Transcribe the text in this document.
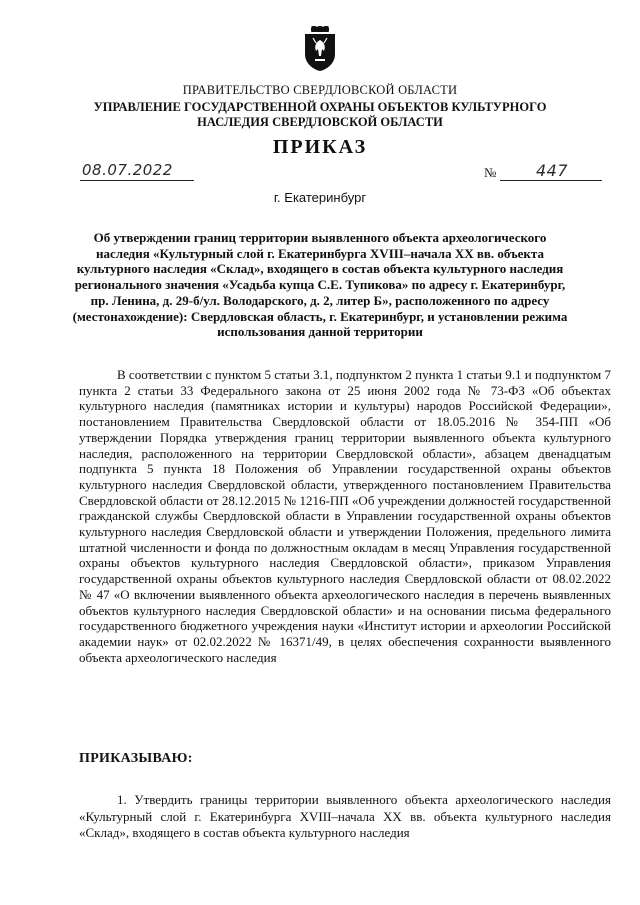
ПРАВИТЕЛЬСТВО СВЕРДЛОВСКОЙ ОБЛАСТИ
УПРАВЛЕНИЕ ГОСУДАРСТВЕННОЙ ОХРАНЫ ОБЪЕКТОВ КУЛЬТУРНОГО НАСЛЕДИЯ СВЕРДЛОВСКОЙ ОБЛАСТИ
ПРИКАЗ
08.07.2022	№ 447
г. Екатеринбург
Об утверждении границ территории выявленного объекта археологического наследия «Культурный слой г. Екатеринбурга XVIII–начала XX вв. объекта культурного наследия «Склад», входящего в состав объекта культурного наследия регионального значения «Усадьба купца С.Е. Тупикова» по адресу г. Екатеринбург, пр. Ленина, д. 29-б/ул. Володарского, д. 2, литер Б», расположенного по адресу (местонахождение): Свердловская область, г. Екатеринбург, и установлении режима использования данной территории

В соответствии с пунктом 5 статьи 3.1, подпунктом 2 пункта 1 статьи 9.1 и подпунктом 7 пункта 2 статьи 33 Федерального закона от 25 июня 2002 года № 73-ФЗ «Об объектах культурного наследия (памятниках истории и культуры) народов Российской Федерации», постановлением Правительства Свердловской области от 18.05.2016 № 354-ПП «Об утверждении Порядка утверждения границ территории выявленного объекта культурного наследия, расположенного на территории Свердловской области», абзацем двенадцатым подпункта 5 пункта 18 Положения об Управлении государственной охраны объектов культурного наследия Свердловской области, утвержденного постановлением Правительства Свердловской области от 28.12.2015 № 1216-ПП «Об учреждении должностей государственной гражданской службы Свердловской области в Управлении государственной охраны объектов культурного наследия Свердловской области и утверждении Положения, предельного лимита штатной численности и фонда по должностным окладам в месяц Управления государственной охраны объектов культурного наследия Свердловской области», приказом Управления государственной охраны объектов культурного наследия Свердловской области от 08.02.2022 № 47 «О включении выявленного объекта археологического наследия в перечень выявленных объектов культурного наследия Свердловской области» и на основании письма федерального государственного бюджетного учреждения науки «Институт истории и археологии Российской академии наук» от 02.02.2022 № 16371/49, в целях обеспечения сохранности выявленного объекта археологического наследия

ПРИКАЗЫВАЮ:

1. Утвердить границы территории выявленного объекта археологического наследия «Культурный слой г. Екатеринбурга XVIII–начала XX вв. объекта культурного наследия «Склад», входящего в состав объекта культурного наследия
